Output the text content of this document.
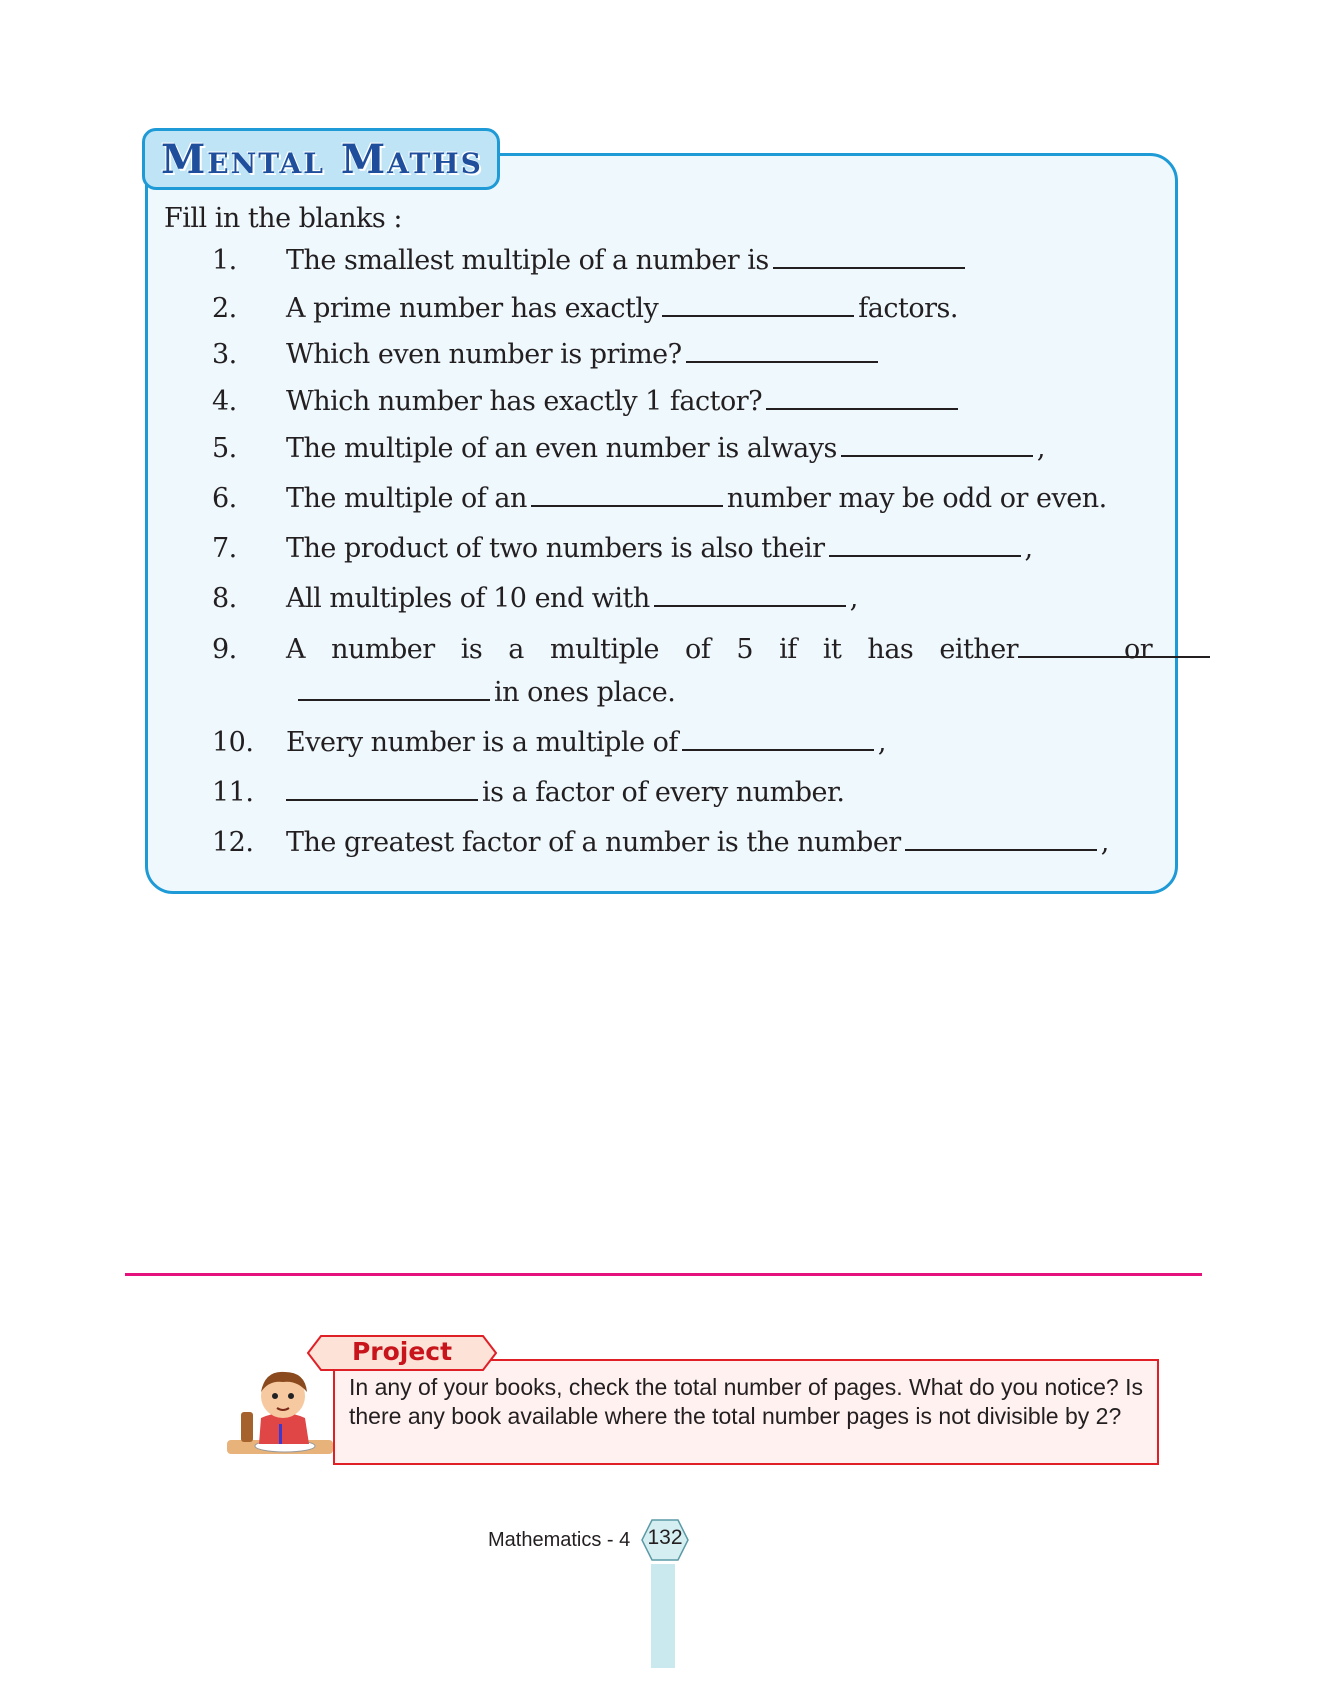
Mental Maths
Fill in the blanks :
1. The smallest multiple of a number is
2. A prime number has exactly	factors.
3. Which even number is prime?
4. Which number has exactly 1 factor?
5. The multiple of an even number is always	,
6. The multiple of an	number may be odd or even.
7. The product of two numbers is also their	,
8. All multiples of 10 end with	,
9. A number is a multiple of 5 if it has either	or
in ones place.
10. Every number is a multiple of	,
11.	is a factor of every number.
12. The greatest factor of a number is the number	,
In any of your books, check the total number of pages. What do you notice? Is there any book available where the total number pages is not divisible by 2?
Project
Mathematics - 4 132
